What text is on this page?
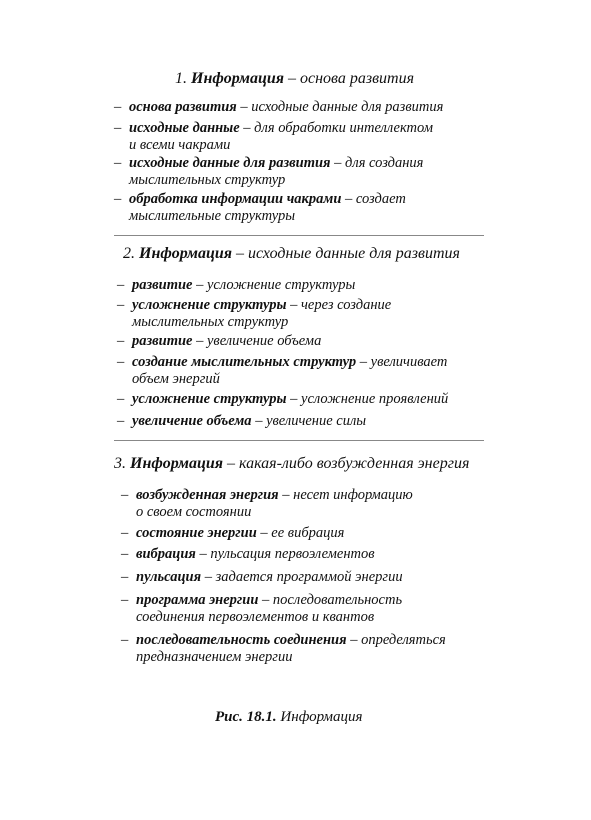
1. Информация – основа развития
– основа развития – исходные данные для развития
– исходные данные – для обработки интеллектом
и всеми чакрами
– исходные данные для развития – для создания
мыслительных структур
– обработка информации чакрами – создает
мыслительные структуры
2. Информация – исходные данные для развития
– развитие – усложнение структуры
– усложнение структуры – через создание
мыслительных структур
– развитие – увеличение объема
– создание мыслительных структур – увеличивает
объем энергий
– усложнение структуры – усложнение проявлений
– увеличение объема – увеличение силы
3. Информация – какая-либо возбужденная энергия
– возбужденная энергия – несет информацию
о своем состоянии
– состояние энергии – ее вибрация
– вибрация – пульсация первоэлементов
– пульсация – задается программой энергии
– программа энергии – последовательность
соединения первоэлементов и квантов
– последовательность соединения – определяться
предназначением энергии
Рис. 18.1. Информация
